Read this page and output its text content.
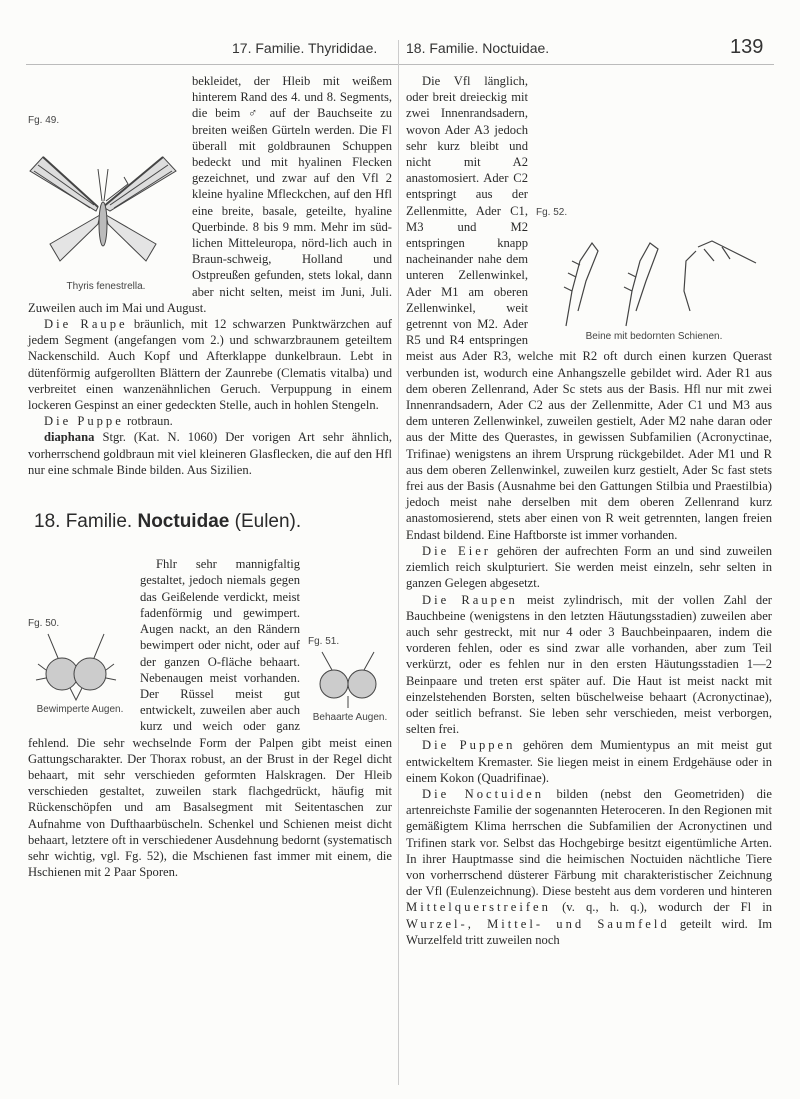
17. Familie. Thyrididae. 18. Familie. Noctuidae.	139
Fg. 49.
Thyris fenestrella.

bekleidet, der Hleib mit weißem hinterem Rand des 4. und 8. Segments, die beim ♂ auf der Bauchseite zu breiten weißen Gürteln werden. Die Fl überall mit goldbraunen Schuppen bedeckt und mit hyalinen Flecken gezeichnet, und zwar auf den Vfl 2 kleine hyaline Mfleckchen, auf den Hfl eine breite, basale, geteilte, hyaline Querbinde. 8 bis 9 mm. Mehr im süd-lichen Mitteleuropa, nörd-lich auch in Braun-schweig, Holland und Ostpreußen gefunden, stets lokal, dann aber nicht selten, meist im Juni, Juli. Zuweilen auch im Mai und August.

Die Raupe bräunlich, mit 12 schwarzen Punktwärzchen auf jedem Segment (angefangen vom 2.) und schwarzbraunem geteiltem Nackenschild. Auch Kopf und Afterklappe dunkelbraun. Lebt in dütenförmig aufgerollten Blättern der Zaunrebe (Clematis vitalba) und verbreitet einen wanzenähnlichen Geruch. Verpuppung in einem lockeren Gespinst an einer gedeckten Stelle, auch in hohlen Stengeln.

Die Puppe rotbraun.

diaphana Stgr. (Kat. N. 1060) Der vorigen Art sehr ähnlich, vorherrschend goldbraun mit viel kleineren Glasflecken, die auf den Hfl nur eine schmale Binde bilden. Aus Sizilien.

18. Familie. Noctuidae (Eulen).
Fg. 50.
Bewimperte Augen.
Fg. 51.
Behaarte Augen.

Fhlr sehr mannigfaltig gestaltet, jedoch niemals gegen das Geißelende verdickt, meist fadenförmig und gewimpert. Augen nackt, an den Rändern bewimpert oder nicht, oder auf der ganzen O-fläche behaart. Nebenaugen meist vorhanden. Der Rüssel meist gut entwickelt, zuweilen aber auch kurz und weich oder ganz fehlend. Die sehr wechselnde Form der Palpen gibt meist einen Gattungscharakter. Der Thorax robust, an der Brust in der Regel dicht behaart, mit sehr verschieden geformten Halskragen. Der Hleib verschieden gestaltet, zuweilen stark flachgedrückt, häufig mit Rückenschöpfen und am Basalsegment mit Seitentaschen zur Aufnahme von Dufthaarbüscheln. Schenkel und Schienen meist dicht behaart, letztere oft in verschiedener Ausdehnung bedornt (systematisch sehr wichtig, vgl. Fg. 52), die Mschienen fast immer mit einem, die Hschienen mit 2 Paar Sporen.

Fg. 52.
Beine mit bedornten Schienen.

Die Vfl länglich, oder breit dreieckig mit zwei Innenrandsadern, wovon Ader A3 jedoch sehr kurz bleibt und nicht mit A2 anastomosiert. Ader C2 entspringt aus der Zellenmitte, Ader C1, M3 und M2 entspringen knapp nacheinander nahe dem unteren Zellenwinkel, Ader M1 am oberen Zellenwinkel, weit getrennt von M2. Ader R5 und R4 entspringen meist aus Ader R3, welche mit R2 oft durch einen kurzen Querast verbunden ist, wodurch eine Anhangszelle gebildet wird. Ader R1 aus dem oberen Zellenrand, Ader Sc stets aus der Basis. Hfl nur mit zwei Innenrandsadern, Ader C2 aus der Zellenmitte, Ader C1 und M3 aus dem unteren Zellenwinkel, zuweilen gestielt, Ader M2 nahe daran oder aus der Mitte des Querastes, in gewissen Subfamilien (Acronyctinae, Trifinae) wenigstens an ihrem Ursprung rückgebildet. Ader M1 und R aus dem oberen Zellenwinkel, zuweilen kurz gestielt, Ader Sc fast stets frei aus der Basis (Ausnahme bei den Gattungen Stilbia und Praestilbia) jedoch meist nahe derselben mit dem oberen Zellenrand kurz anastomosierend, stets aber einen von R weit getrennten, langen freien Endast bildend. Eine Haftborste ist immer vorhanden.

Die Eier gehören der aufrechten Form an und sind zuweilen ziemlich reich skulpturiert. Sie werden meist einzeln, sehr selten in ganzen Gelegen abgesetzt.

Die Raupen meist zylindrisch, mit der vollen Zahl der Bauchbeine (wenigstens in den letzten Häutungsstadien) zuweilen aber auch sehr gestreckt, mit nur 4 oder 3 Bauchbeinpaaren, indem die vorderen fehlen, oder es sind zwar alle vorhanden, aber zum Teil verkürzt, oder es fehlen nur in den ersten Häutungsstadien 1—2 Beinpaare und treten erst später auf. Die Haut ist meist nackt mit einzelstehenden Borsten, selten büschelweise behaart (Acronyctinae), oder seitlich befranst. Sie leben sehr verschieden, meist verborgen, selten frei.

Die Puppen gehören dem Mumientypus an mit meist gut entwickeltem Kremaster. Sie liegen meist in einem Erdgehäuse oder in einem Kokon (Quadrifinae).

Die Noctuiden bilden (nebst den Geometriden) die artenreichste Familie der sogenannten Heteroceren. In den Regionen mit gemäßigtem Klima herrschen die Subfamilien der Acronyctinen und Trifinen stark vor. Selbst das Hochgebirge besitzt eigentümliche Arten. In ihrer Hauptmasse sind die heimischen Noctuiden nächtliche Tiere von vorherrschend düsterer Färbung mit charakteristischer Zeichnung der Vfl (Eulenzeichnung). Diese besteht aus dem vorderen und hinteren Mittelquerstreifen (v. q., h. q.), wodurch der Fl in Wurzel-, Mittel- und Saumfeld geteilt wird. Im Wurzelfeld tritt zuweilen noch
